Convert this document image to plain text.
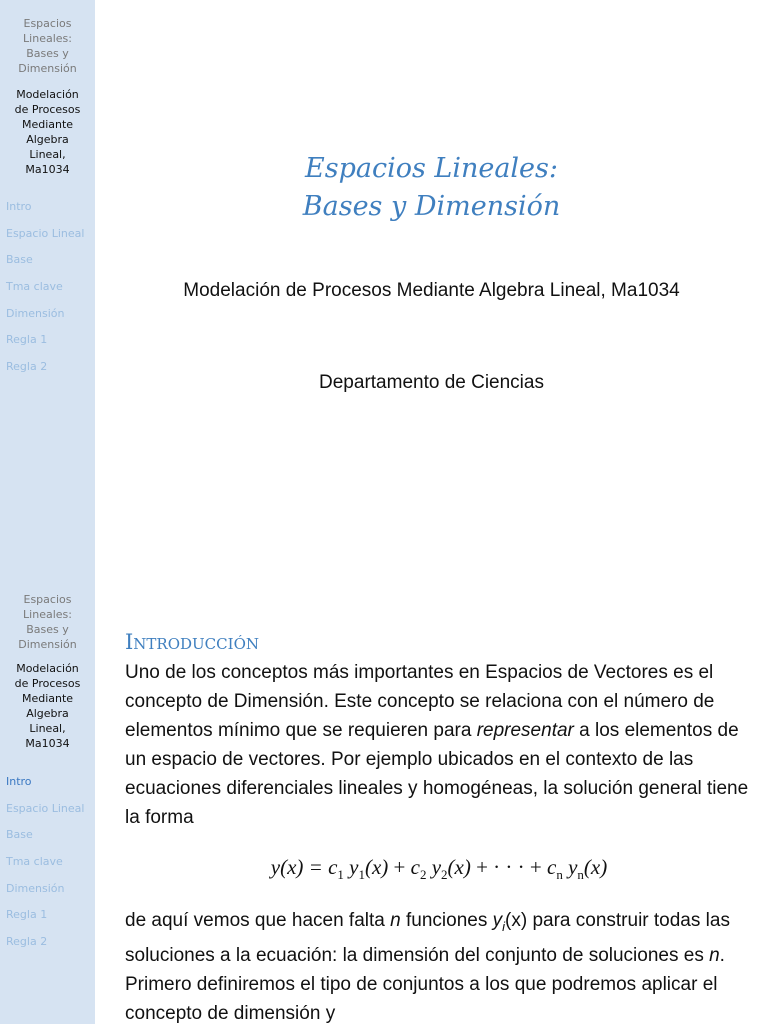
Espacios
Lineales:
Bases y
Dimensión
Modelación
de Procesos
Mediante
Algebra
Lineal,
Ma1034
Intro
Espacio Lineal
Base
Tma clave
Dimensión
Regla 1
Regla 2
Espacios Lineales:
Bases y Dimensión
Modelación de Procesos Mediante Algebra Lineal, Ma1034
Departamento de Ciencias
Espacios
Lineales:
Bases y
Dimensión
Modelación
de Procesos
Mediante
Algebra
Lineal,
Ma1034
Intro
Espacio Lineal
Base
Tma clave
Dimensión
Regla 1
Regla 2
Introducción

Uno de los conceptos más importantes en Espacios de Vectores es el concepto de Dimensión. Este concepto se relaciona con el número de elementos mínimo que se requieren para representar a los elementos de un espacio de vectores. Por ejemplo ubicados en el contexto de las ecuaciones diferenciales lineales y homogéneas, la solución general tiene la forma

$y(x) = c_1$ $y_1(x) + c_2$ $y_2(x)$ + · · · + $c_n$ $y_n(x)$

de aquí vemos que hacen falta n funciones $y_i(x)$ para construir todas las soluciones a la ecuación: la dimensión del conjunto de soluciones es n. Primero definiremos el tipo de conjuntos a los que podremos aplicar el concepto de dimensión y
